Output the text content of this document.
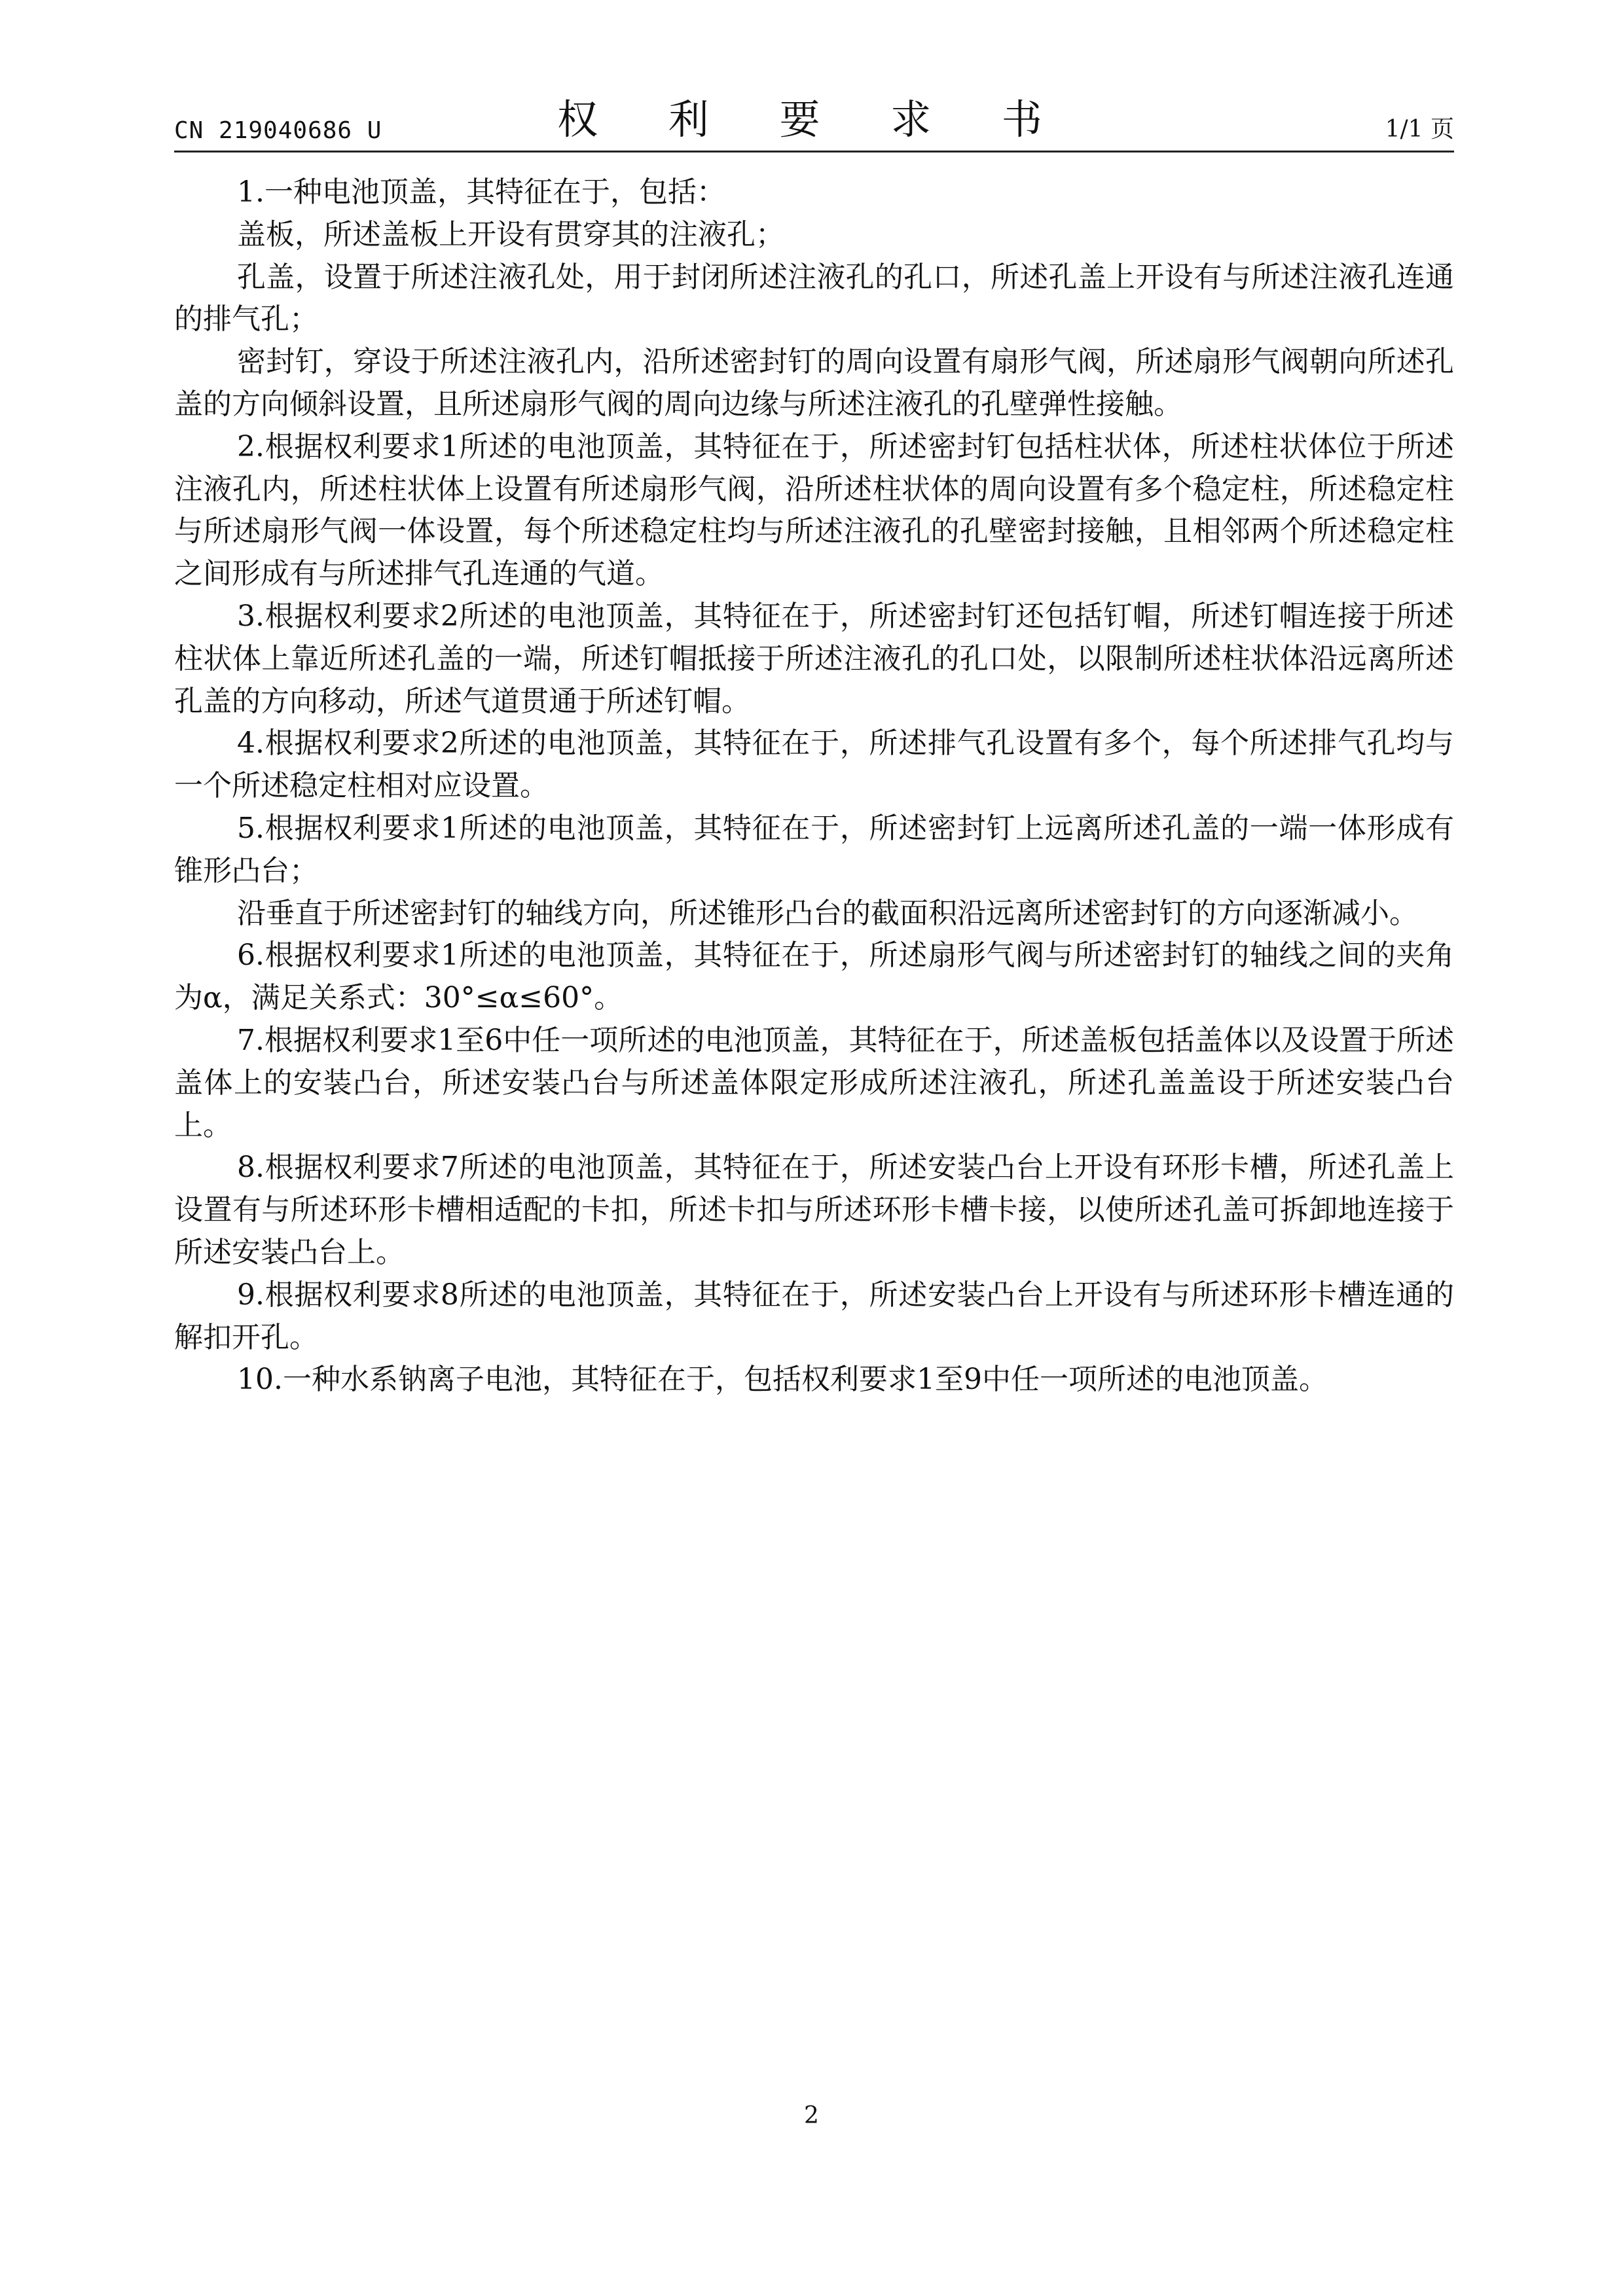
CN 219040686 U	权 利 要 求 书	1/1 页

1.一种电池顶盖，其特征在于，包括：

盖板，所述盖板上开设有贯穿其的注液孔；

孔盖，设置于所述注液孔处，用于封闭所述注液孔的孔口，所述孔盖上开设有与所述注液孔连通的排气孔；

密封钉，穿设于所述注液孔内，沿所述密封钉的周向设置有扇形气阀，所述扇形气阀朝向所述孔盖的方向倾斜设置，且所述扇形气阀的周向边缘与所述注液孔的孔壁弹性接触。

2.根据权利要求1所述的电池顶盖，其特征在于，所述密封钉包括柱状体，所述柱状体位于所述注液孔内，所述柱状体上设置有所述扇形气阀，沿所述柱状体的周向设置有多个稳定柱，所述稳定柱与所述扇形气阀一体设置，每个所述稳定柱均与所述注液孔的孔壁密封接触，且相邻两个所述稳定柱之间形成有与所述排气孔连通的气道。

3.根据权利要求2所述的电池顶盖，其特征在于，所述密封钉还包括钉帽，所述钉帽连接于所述柱状体上靠近所述孔盖的一端，所述钉帽抵接于所述注液孔的孔口处，以限制所述柱状体沿远离所述孔盖的方向移动，所述气道贯通于所述钉帽。

4.根据权利要求2所述的电池顶盖，其特征在于，所述排气孔设置有多个，每个所述排气孔均与一个所述稳定柱相对应设置。

5.根据权利要求1所述的电池顶盖，其特征在于，所述密封钉上远离所述孔盖的一端一体形成有锥形凸台；

沿垂直于所述密封钉的轴线方向，所述锥形凸台的截面积沿远离所述密封钉的方向逐渐减小。

6.根据权利要求1所述的电池顶盖，其特征在于，所述扇形气阀与所述密封钉的轴线之间的夹角为α，满足关系式：30°≤α≤60°。

7.根据权利要求1至6中任一项所述的电池顶盖，其特征在于，所述盖板包括盖体以及设置于所述盖体上的安装凸台，所述安装凸台与所述盖体限定形成所述注液孔，所述孔盖盖设于所述安装凸台上。

8.根据权利要求7所述的电池顶盖，其特征在于，所述安装凸台上开设有环形卡槽，所述孔盖上设置有与所述环形卡槽相适配的卡扣，所述卡扣与所述环形卡槽卡接，以使所述孔盖可拆卸地连接于所述安装凸台上。

9.根据权利要求8所述的电池顶盖，其特征在于，所述安装凸台上开设有与所述环形卡槽连通的解扣开孔。

10.一种水系钠离子电池，其特征在于，包括权利要求1至9中任一项所述的电池顶盖。

2
